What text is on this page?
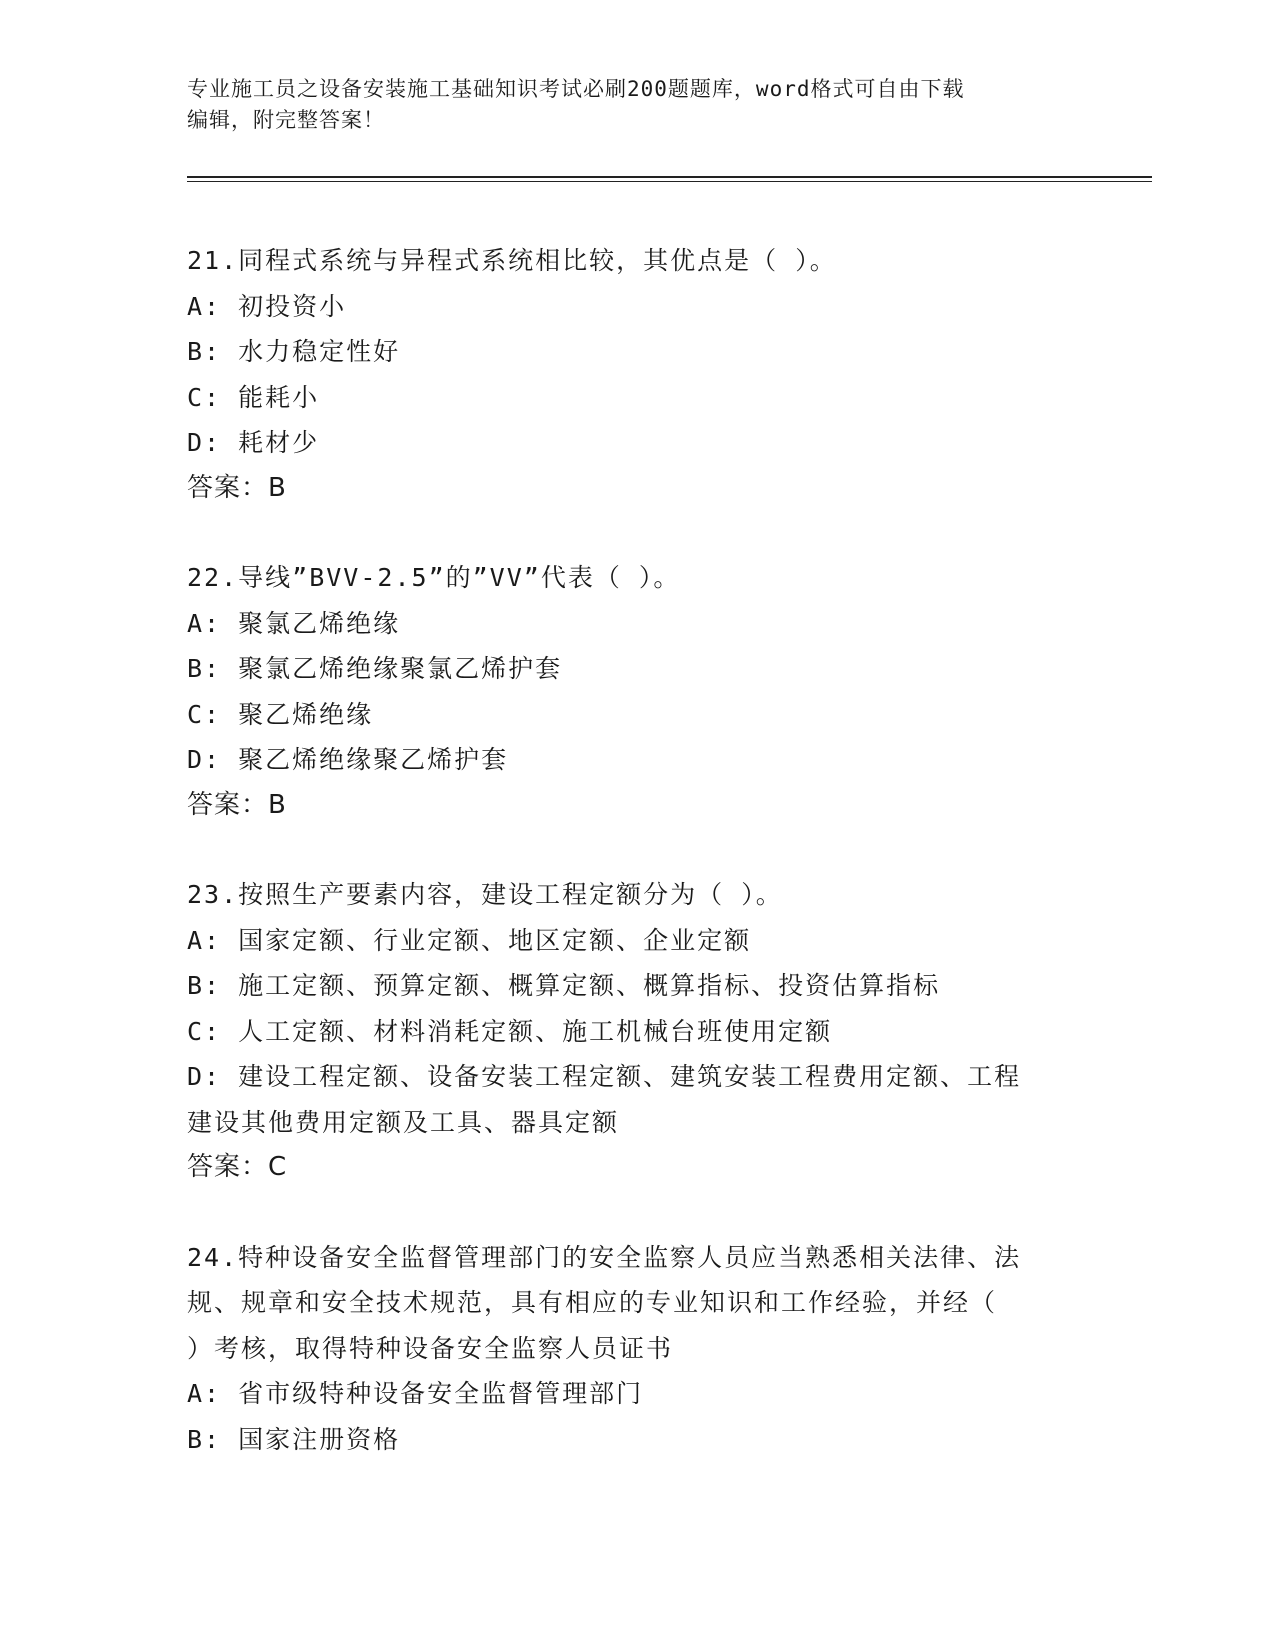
专业施工员之设备安装施工基础知识考试必刷200题题库，word格式可自由下载
编辑，附完整答案！
21.同程式系统与异程式系统相比较，其优点是（ ）。
A: 初投资小
B: 水力稳定性好
C: 能耗小
D: 耗材少
答案：B
22.导线”BVV-2.5”的”VV”代表（ ）。
A: 聚氯乙烯绝缘
B: 聚氯乙烯绝缘聚氯乙烯护套
C: 聚乙烯绝缘
D: 聚乙烯绝缘聚乙烯护套
答案：B
23.按照生产要素内容，建设工程定额分为（ ）。
A: 国家定额、行业定额、地区定额、企业定额
B: 施工定额、预算定额、概算定额、概算指标、投资估算指标
C: 人工定额、材料消耗定额、施工机械台班使用定额
D: 建设工程定额、设备安装工程定额、建筑安装工程费用定额、工程
建设其他费用定额及工具、器具定额
答案：C
24.特种设备安全监督管理部门的安全监察人员应当熟悉相关法律、法
规、规章和安全技术规范，具有相应的专业知识和工作经验，并经（
）考核，取得特种设备安全监察人员证书
A: 省市级特种设备安全监督管理部门
B: 国家注册资格
